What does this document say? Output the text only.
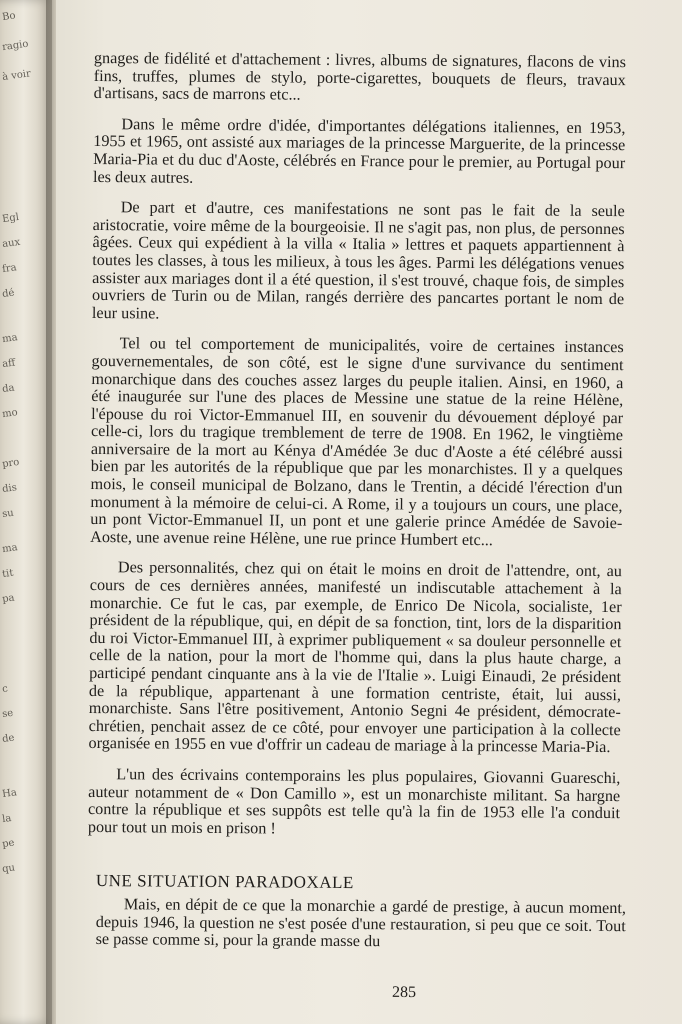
Bo
ragio
à voir
Egl
aux
fra
dé
ma
aff
da
mo
pro
dis
su
ma
tit
pa
c
se
de
Ha
la
pe
qu

gnages de fidélité et d'attachement : livres, albums de signatures, flacons de vins fins, truffes, plumes de stylo, porte-cigarettes, bouquets de fleurs, travaux d'artisans, sacs de marrons etc...

Dans le même ordre d'idée, d'importantes délégations italiennes, en 1953, 1955 et 1965, ont assisté aux mariages de la princesse Marguerite, de la princesse Maria-Pia et du duc d'Aoste, célébrés en France pour le premier, au Portugal pour les deux autres.

De part et d'autre, ces manifestations ne sont pas le fait de la seule aristocratie, voire même de la bourgeoisie. Il ne s'agit pas, non plus, de personnes âgées. Ceux qui expédient à la villa « Italia » lettres et paquets appartiennent à toutes les classes, à tous les milieux, à tous les âges. Parmi les délégations venues assister aux mariages dont il a été question, il s'est trouvé, chaque fois, de simples ouvriers de Turin ou de Milan, rangés derrière des pancartes portant le nom de leur usine.

Tel ou tel comportement de municipalités, voire de certaines instances gouvernementales, de son côté, est le signe d'une survivance du sentiment monarchique dans des couches assez larges du peuple italien. Ainsi, en 1960, a été inaugurée sur l'une des places de Messine une statue de la reine Hélène, l'épouse du roi Victor-Emmanuel III, en souvenir du dévouement déployé par celle-ci, lors du tragique tremblement de terre de 1908. En 1962, le vingtième anniversaire de la mort au Kénya d'Amédée 3e duc d'Aoste a été célébré aussi bien par les autorités de la république que par les monarchistes. Il y a quelques mois, le conseil municipal de Bolzano, dans le Trentin, a décidé l'érection d'un monument à la mémoire de celui-ci. A Rome, il y a toujours un cours, une place, un pont Victor-Emmanuel II, un pont et une galerie prince Amédée de Savoie-Aoste, une avenue reine Hélène, une rue prince Humbert etc...

Des personnalités, chez qui on était le moins en droit de l'attendre, ont, au cours de ces dernières années, manifesté un indiscutable attachement à la monarchie. Ce fut le cas, par exemple, de Enrico De Nicola, socialiste, 1er président de la république, qui, en dépit de sa fonction, tint, lors de la disparition du roi Victor-Emmanuel III, à exprimer publiquement « sa douleur personnelle et celle de la nation, pour la mort de l'homme qui, dans la plus haute charge, a participé pendant cinquante ans à la vie de l'Italie ». Luigi Einaudi, 2e président de la république, appartenant à une formation centriste, était, lui aussi, monarchiste. Sans l'être positivement, Antonio Segni 4e président, démocrate-chrétien, penchait assez de ce côté, pour envoyer une participation à la collecte organisée en 1955 en vue d'offrir un cadeau de mariage à la princesse Maria-Pia.

L'un des écrivains contemporains les plus populaires, Giovanni Guareschi, auteur notamment de « Don Camillo », est un monarchiste militant. Sa hargne contre la république et ses suppôts est telle qu'à la fin de 1953 elle l'a conduit pour tout un mois en prison !

UNE SITUATION PARADOXALE

Mais, en dépit de ce que la monarchie a gardé de prestige, à aucun moment, depuis 1946, la question ne s'est posée d'une restauration, si peu que ce soit. Tout se passe comme si, pour la grande masse du

285
